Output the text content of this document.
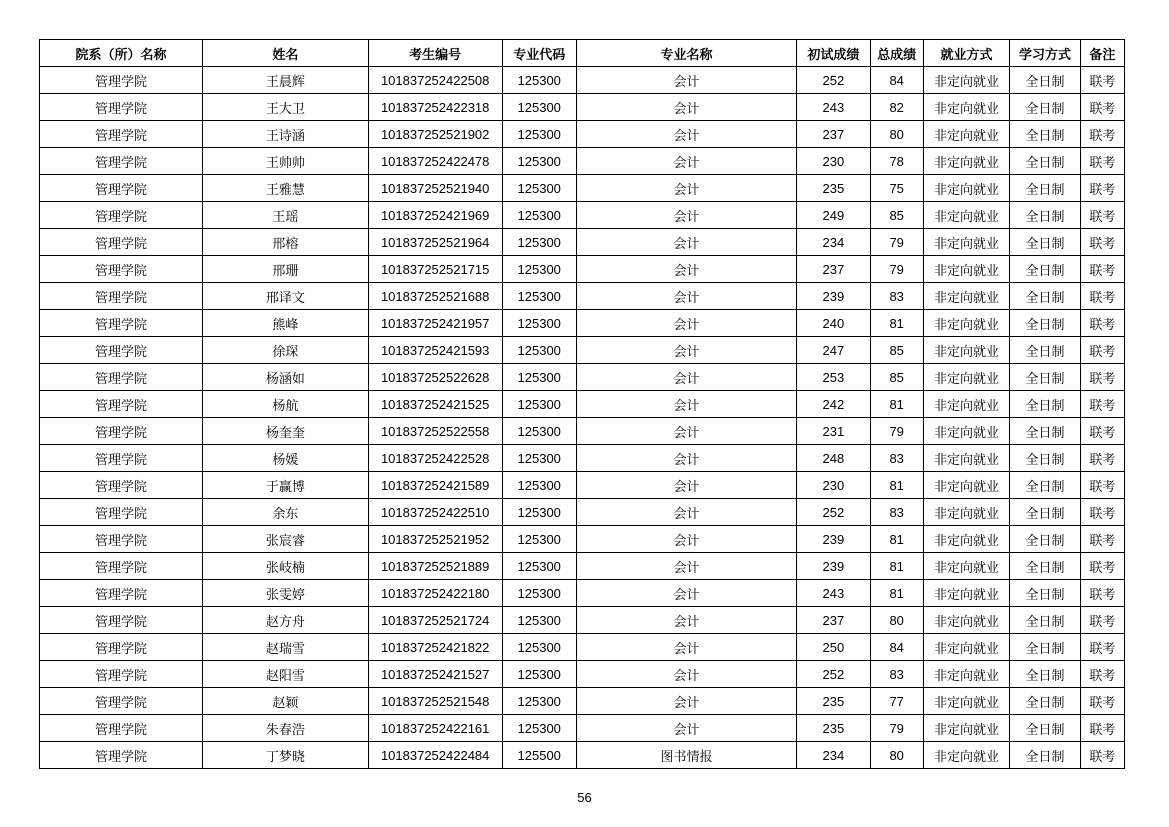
院系（所）名称	姓名	考生编号	专业代码	专业名称	初试成绩	总成绩	就业方式	学习方式	备注
管理学院	王晨辉	101837252422508	125300	会计	252	84	非定向就业	全日制	联考
管理学院	王大卫	101837252422318	125300	会计	243	82	非定向就业	全日制	联考
管理学院	王诗涵	101837252521902	125300	会计	237	80	非定向就业	全日制	联考
管理学院	王帅帅	101837252422478	125300	会计	230	78	非定向就业	全日制	联考
管理学院	王雅慧	101837252521940	125300	会计	235	75	非定向就业	全日制	联考
管理学院	王瑶	101837252421969	125300	会计	249	85	非定向就业	全日制	联考
管理学院	邢榕	101837252521964	125300	会计	234	79	非定向就业	全日制	联考
管理学院	邢珊	101837252521715	125300	会计	237	79	非定向就业	全日制	联考
管理学院	邢译文	101837252521688	125300	会计	239	83	非定向就业	全日制	联考
管理学院	熊峰	101837252421957	125300	会计	240	81	非定向就业	全日制	联考
管理学院	徐琛	101837252421593	125300	会计	247	85	非定向就业	全日制	联考
管理学院	杨涵如	101837252522628	125300	会计	253	85	非定向就业	全日制	联考
管理学院	杨航	101837252421525	125300	会计	242	81	非定向就业	全日制	联考
管理学院	杨奎奎	101837252522558	125300	会计	231	79	非定向就业	全日制	联考
管理学院	杨媛	101837252422528	125300	会计	248	83	非定向就业	全日制	联考
管理学院	于赢博	101837252421589	125300	会计	230	81	非定向就业	全日制	联考
管理学院	余东	101837252422510	125300	会计	252	83	非定向就业	全日制	联考
管理学院	张宸睿	101837252521952	125300	会计	239	81	非定向就业	全日制	联考
管理学院	张岐楠	101837252521889	125300	会计	239	81	非定向就业	全日制	联考
管理学院	张雯婷	101837252422180	125300	会计	243	81	非定向就业	全日制	联考
管理学院	赵方舟	101837252521724	125300	会计	237	80	非定向就业	全日制	联考
管理学院	赵瑞雪	101837252421822	125300	会计	250	84	非定向就业	全日制	联考
管理学院	赵阳雪	101837252421527	125300	会计	252	83	非定向就业	全日制	联考
管理学院	赵颖	101837252521548	125300	会计	235	77	非定向就业	全日制	联考
管理学院	朱春浩	101837252422161	125300	会计	235	79	非定向就业	全日制	联考
管理学院	丁梦晓	101837252422484	125500	图书情报	234	80	非定向就业	全日制	联考
56
